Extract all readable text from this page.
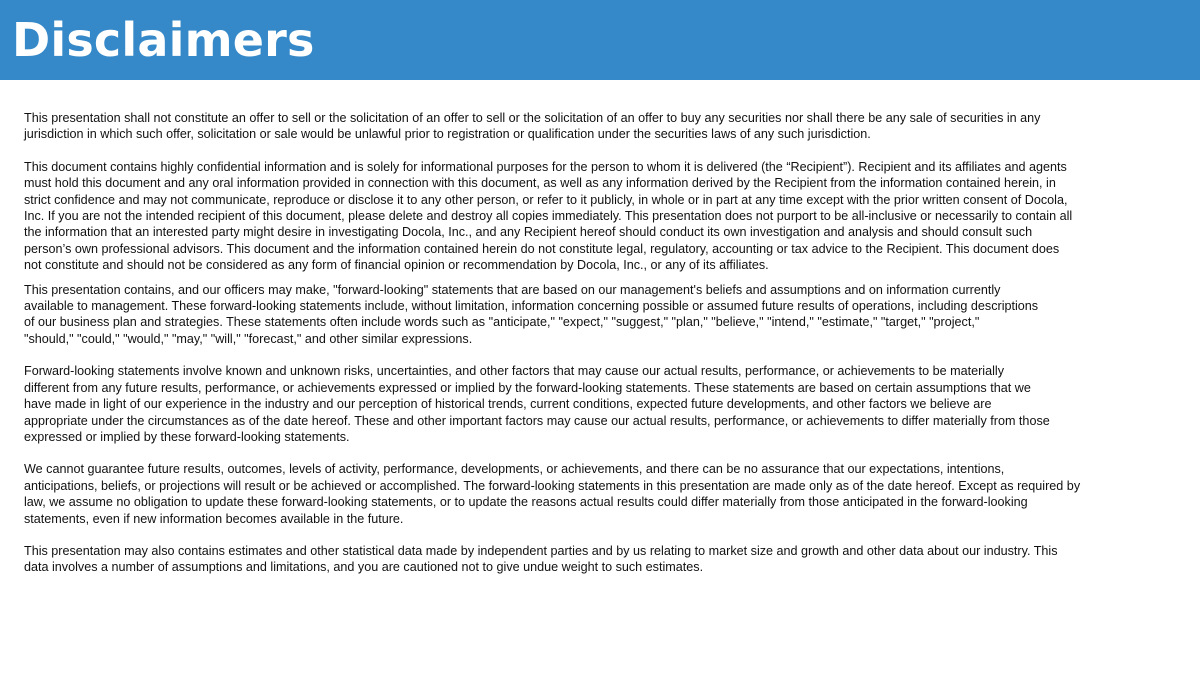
Disclaimers

This presentation shall not constitute an offer to sell or the solicitation of an offer to sell or the solicitation of an offer to buy any securities nor shall there be any sale of securities in any

jurisdiction in which such offer, solicitation or sale would be unlawful prior to registration or qualification under the securities laws of any such jurisdiction.

This document contains highly confidential information and is solely for informational purposes for the person to whom it is delivered (the “Recipient”). Recipient and its affiliates and agents

must hold this document and any oral information provided in connection with this document, as well as any information derived by the Recipient from the information contained herein, in

strict confidence and may not communicate, reproduce or disclose it to any other person, or refer to it publicly, in whole or in part at any time except with the prior written consent of Docola,

Inc. If you are not the intended recipient of this document, please delete and destroy all copies immediately. This presentation does not purport to be all-inclusive or necessarily to contain all

the information that an interested party might desire in investigating Docola, Inc., and any Recipient hereof should conduct its own investigation and analysis and should consult such

person’s own professional advisors. This document and the information contained herein do not constitute legal, regulatory, accounting or tax advice to the Recipient. This document does

not constitute and should not be considered as any form of financial opinion or recommendation by Docola, Inc., or any of its affiliates.

This presentation contains, and our officers may make, "forward-looking" statements that are based on our management's beliefs and assumptions and on information currently

available to management. These forward-looking statements include, without limitation, information concerning possible or assumed future results of operations, including descriptions

of our business plan and strategies. These statements often include words such as "anticipate," "expect," "suggest," "plan," "believe," "intend," "estimate," "target," "project,"

"should," "could," "would," "may," "will," "forecast," and other similar expressions.

Forward-looking statements involve known and unknown risks, uncertainties, and other factors that may cause our actual results, performance, or achievements to be materially

different from any future results, performance, or achievements expressed or implied by the forward-looking statements. These statements are based on certain assumptions that we

have made in light of our experience in the industry and our perception of historical trends, current conditions, expected future developments, and other factors we believe are

appropriate under the circumstances as of the date hereof. These and other important factors may cause our actual results, performance, or achievements to differ materially from those

expressed or implied by these forward-looking statements.

We cannot guarantee future results, outcomes, levels of activity, performance, developments, or achievements, and there can be no assurance that our expectations, intentions,

anticipations, beliefs, or projections will result or be achieved or accomplished. The forward-looking statements in this presentation are made only as of the date hereof. Except as required by

law, we assume no obligation to update these forward-looking statements, or to update the reasons actual results could differ materially from those anticipated in the forward-looking

statements, even if new information becomes available in the future.

This presentation may also contains estimates and other statistical data made by independent parties and by us relating to market size and growth and other data about our industry. This

data involves a number of assumptions and limitations, and you are cautioned not to give undue weight to such estimates.
